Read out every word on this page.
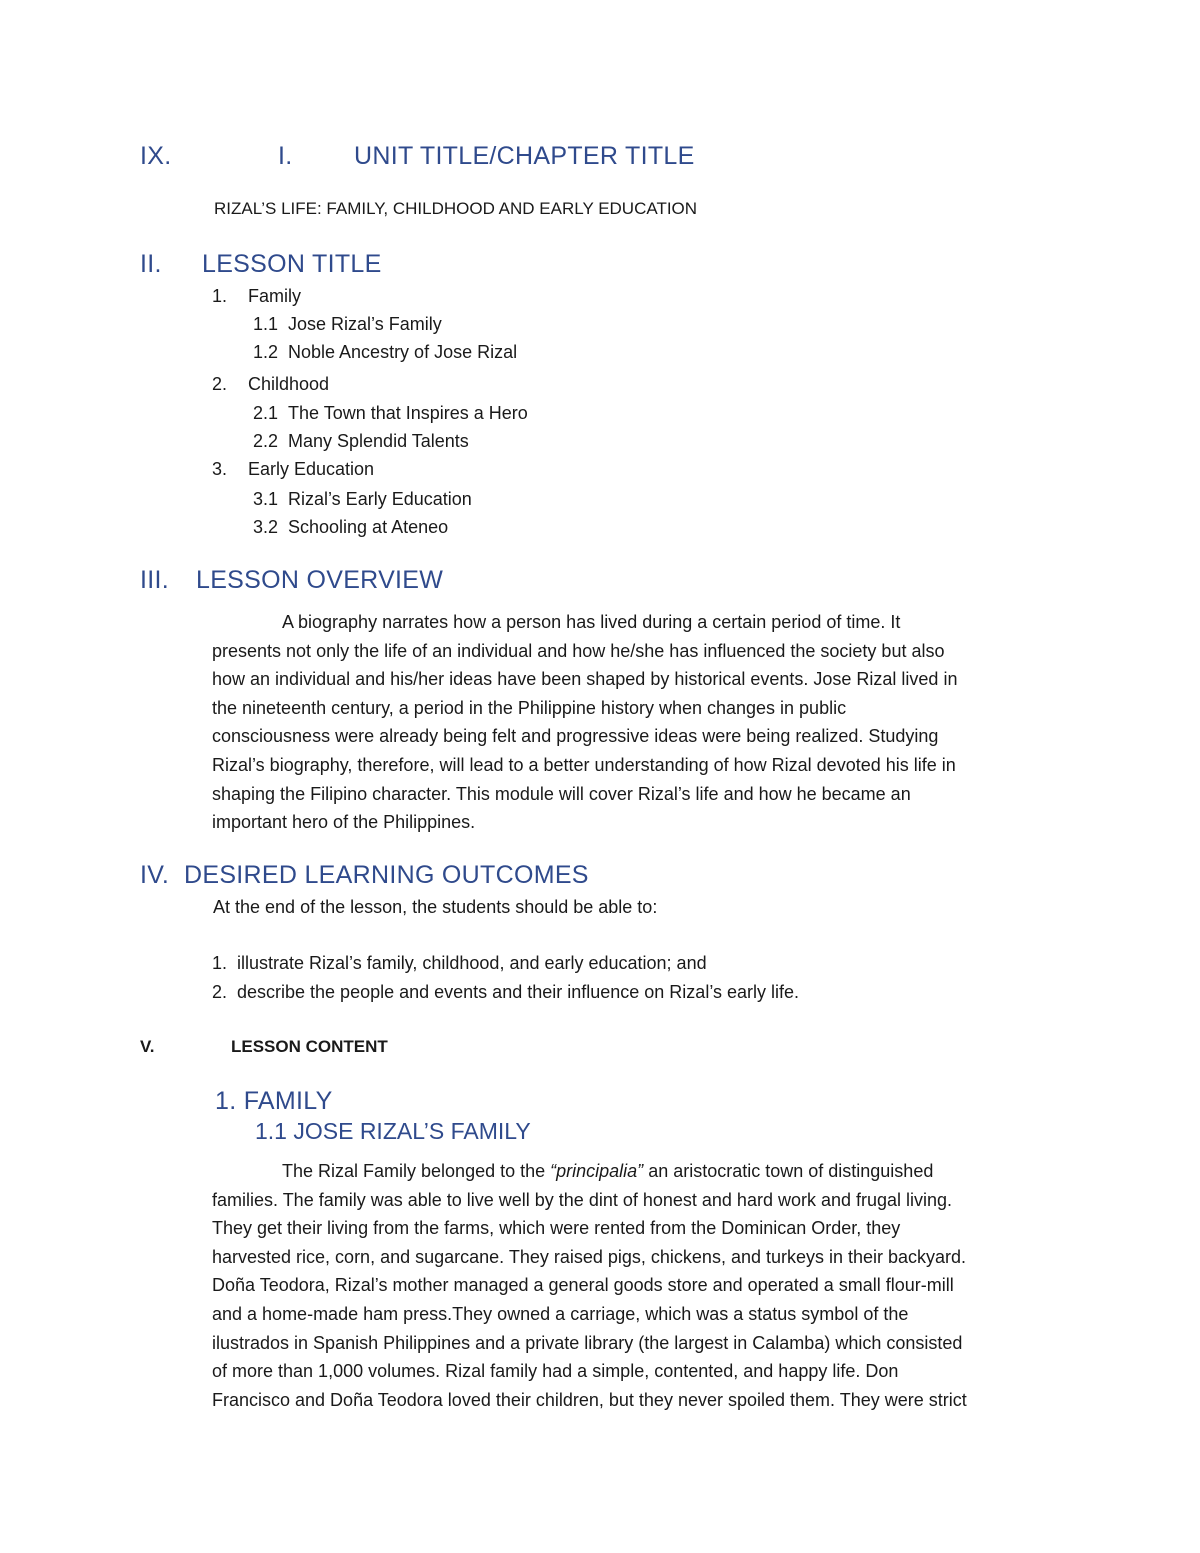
IX.	I. UNIT TITLE/CHAPTER TITLE
RIZAL’S LIFE: FAMILY, CHILDHOOD AND EARLY EDUCATION
II. LESSON TITLE
1. Family
1.1 Jose Rizal’s Family
1.2 Noble Ancestry of Jose Rizal
2. Childhood
2.1 The Town that Inspires a Hero
2.2 Many Splendid Talents
3. Early Education
3.1 Rizal’s Early Education
3.2 Schooling at Ateneo
III. LESSON OVERVIEW
A biography narrates how a person has lived during a certain period of time. It
presents not only the life of an individual and how he/she has influenced the society but also
how an individual and his/her ideas have been shaped by historical events. Jose Rizal lived in
the nineteenth century, a period in the Philippine history when changes in public
consciousness were already being felt and progressive ideas were being realized. Studying
Rizal’s biography, therefore, will lead to a better understanding of how Rizal devoted his life in
shaping the Filipino character. This module will cover Rizal’s life and how he became an
important hero of the Philippines.
IV. DESIRED LEARNING OUTCOMES
At the end of the lesson, the students should be able to:
1. illustrate Rizal’s family, childhood, and early education; and
2. describe the people and events and their influence on Rizal’s early life.
V.	LESSON CONTENT
1. FAMILY
1.1 JOSE RIZAL’S FAMILY
The Rizal Family belonged to the “principalia” an aristocratic town of distinguished
families. The family was able to live well by the dint of honest and hard work and frugal living.
They get their living from the farms, which were rented from the Dominican Order, they
harvested rice, corn, and sugarcane. They raised pigs, chickens, and turkeys in their backyard.
Doña Teodora, Rizal’s mother managed a general goods store and operated a small flour-mill
and a home-made ham press.They owned a carriage, which was a status symbol of the
ilustrados in Spanish Philippines and a private library (the largest in Calamba) which consisted
of more than 1,000 volumes. Rizal family had a simple, contented, and happy life. Don
Francisco and Doña Teodora loved their children, but they never spoiled them. They were strict
